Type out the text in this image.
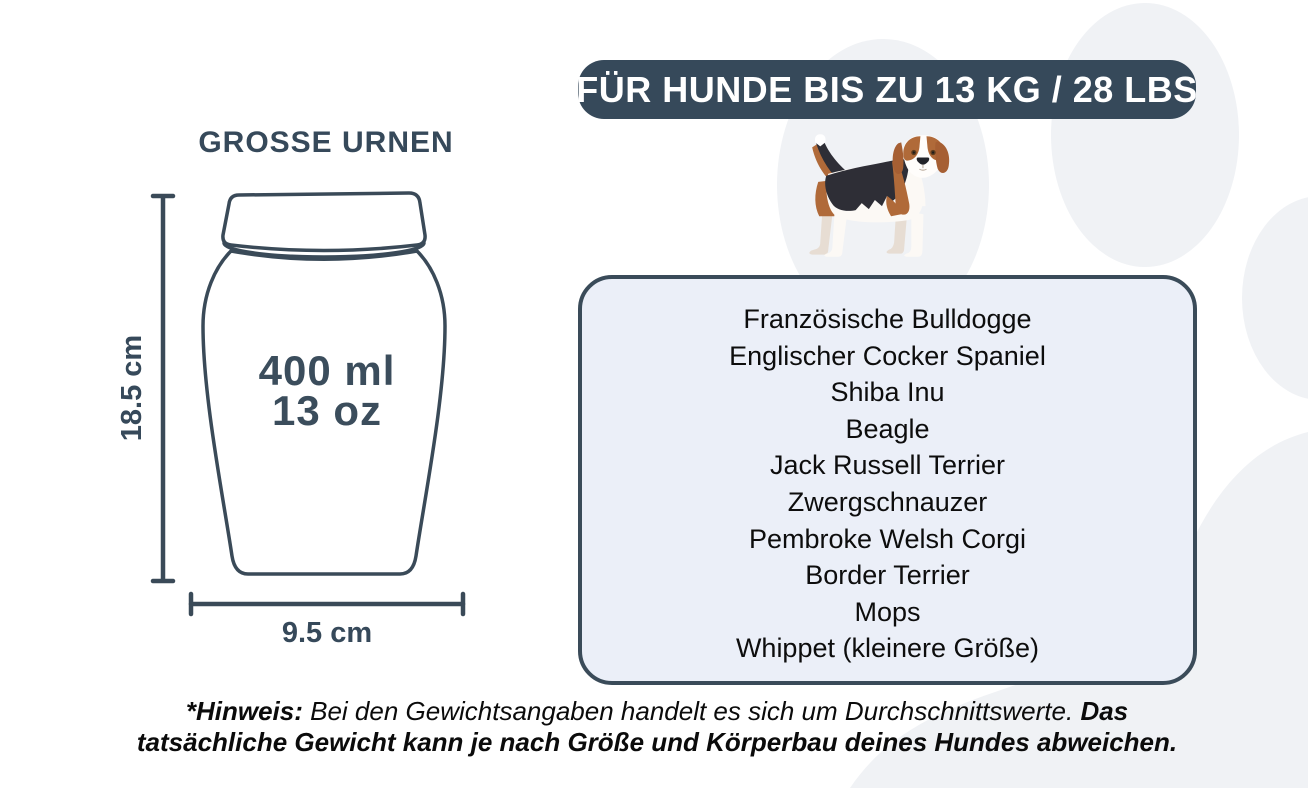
GROSSE URNEN
400 ml
13 oz
18.5 cm
9.5 cm
FÜR HUNDE BIS ZU 13 KG / 28 LBS
Französische Bulldogge
Englischer Cocker Spaniel
Shiba Inu
Beagle
Jack Russell Terrier
Zwergschnauzer
Pembroke Welsh Corgi
Border Terrier
Mops
Whippet (kleinere Größe)
*Hinweis: Bei den Gewichtsangaben handelt es sich um Durchschnittswerte. Das
tatsächliche Gewicht kann je nach Größe und Körperbau deines Hundes abweichen.
